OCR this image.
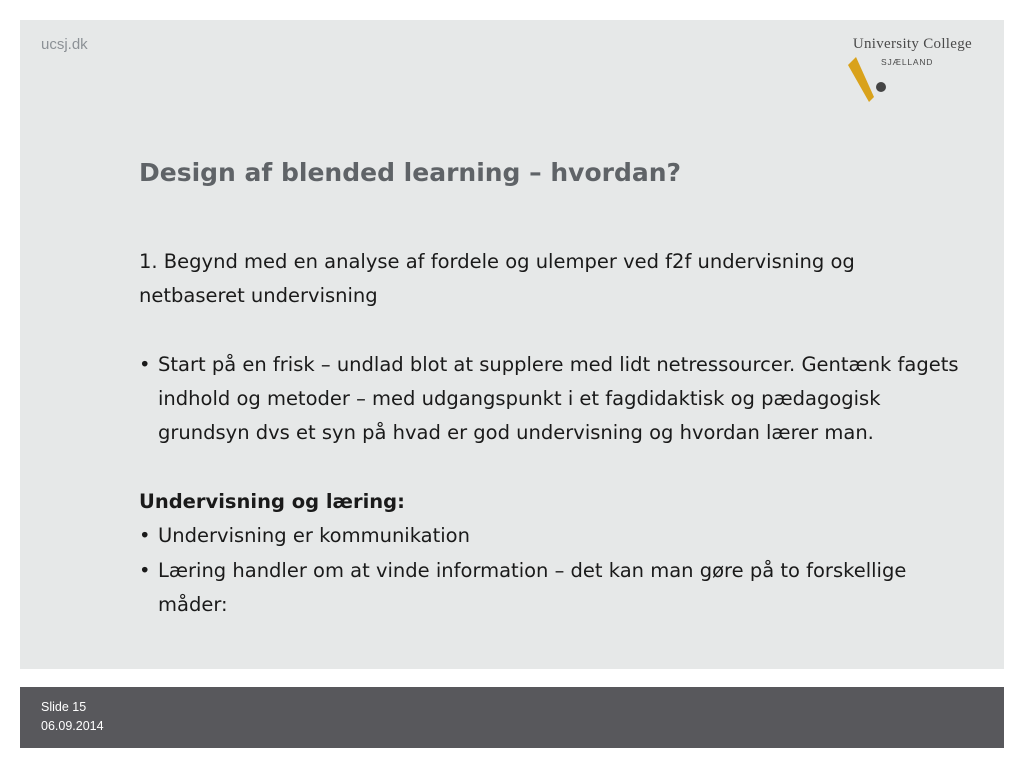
ucsj.dk	University College
SJÆLLAND
Design af blended learning – hvordan?

1. Begynd med en analyse af fordele og ulemper ved f2f undervisning og netbaseret undervisning

• Start på en frisk – undlad blot at supplere med lidt netressourcer. Gentænk fagets indhold og metoder – med udgangspunkt i et fagdidaktisk og pædagogisk grundsyn dvs et syn på hvad er god undervisning og hvordan lærer man.

Undervisning og læring:

• Undervisning er kommunikation
• Læring handler om at vinde information – det kan man gøre på to forskellige måder:
Slide 15
06.09.2014
